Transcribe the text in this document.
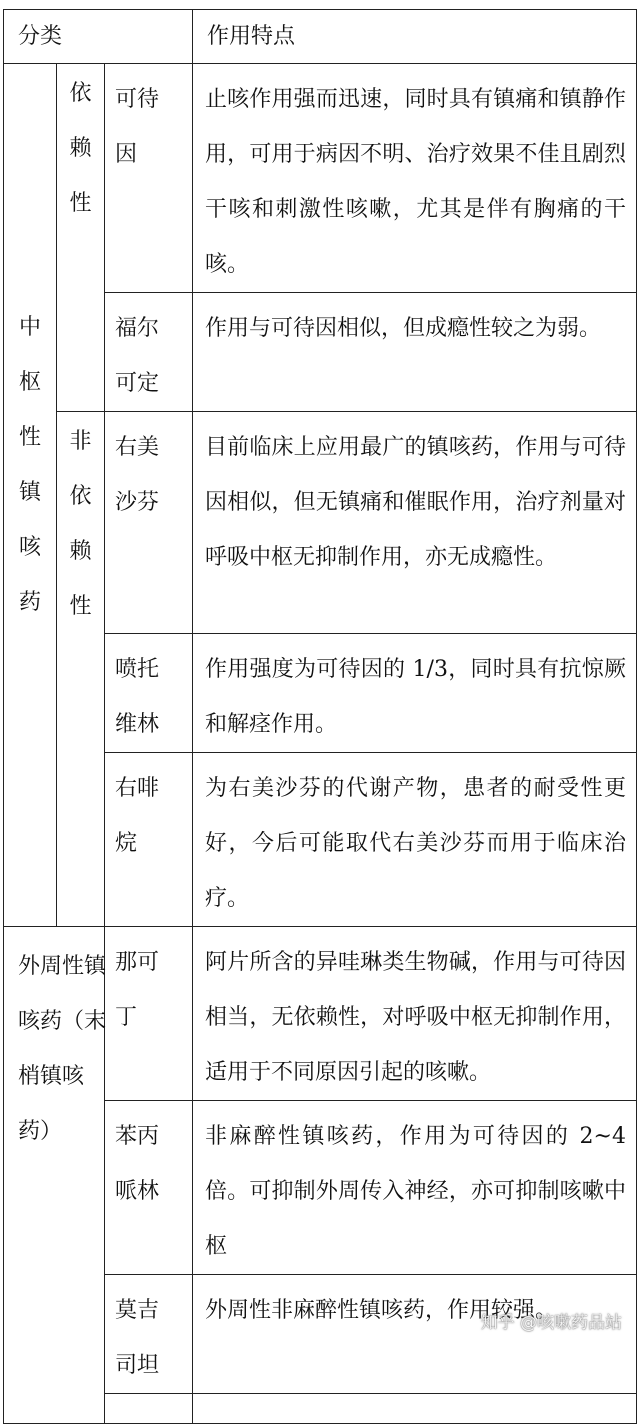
分类			作用特点

中枢性镇咳药	依赖性	可待因	止咳作用强而迅速，同时具有镇痛和镇静作用，可用于病因不明、治疗效果不佳且剧烈干咳和刺激性咳嗽，尤其是伴有胸痛的干咳。

		福尔可定	作用与可待因相似，但成瘾性较之为弱。

	非依赖性	右美沙芬	目前临床上应用最广的镇咳药，作用与可待因相似，但无镇痛和催眠作用，治疗剂量对呼吸中枢无抑制作用，亦无成瘾性。

		喷托维林	作用强度为可待因的 1/3，同时具有抗惊厥和解痉作用。

		右啡烷	为右美沙芬的代谢产物，患者的耐受性更好，今后可能取代右美沙芬而用于临床治疗。

外周性镇咳药（末梢镇咳药）		那可丁	阿片所含的异哇琳类生物碱，作用与可待因相当，无依赖性，对呼吸中枢无抑制作用，适用于不同原因引起的咳嗽。

		苯丙哌林	非麻醉性镇咳药，作用为可待因的 2~4 倍。可抑制外周传入神经，亦可抑制咳嗽中枢

		莫吉司坦	外周性非麻醉性镇咳药，作用较强。

知乎 @咳嗽药品站
